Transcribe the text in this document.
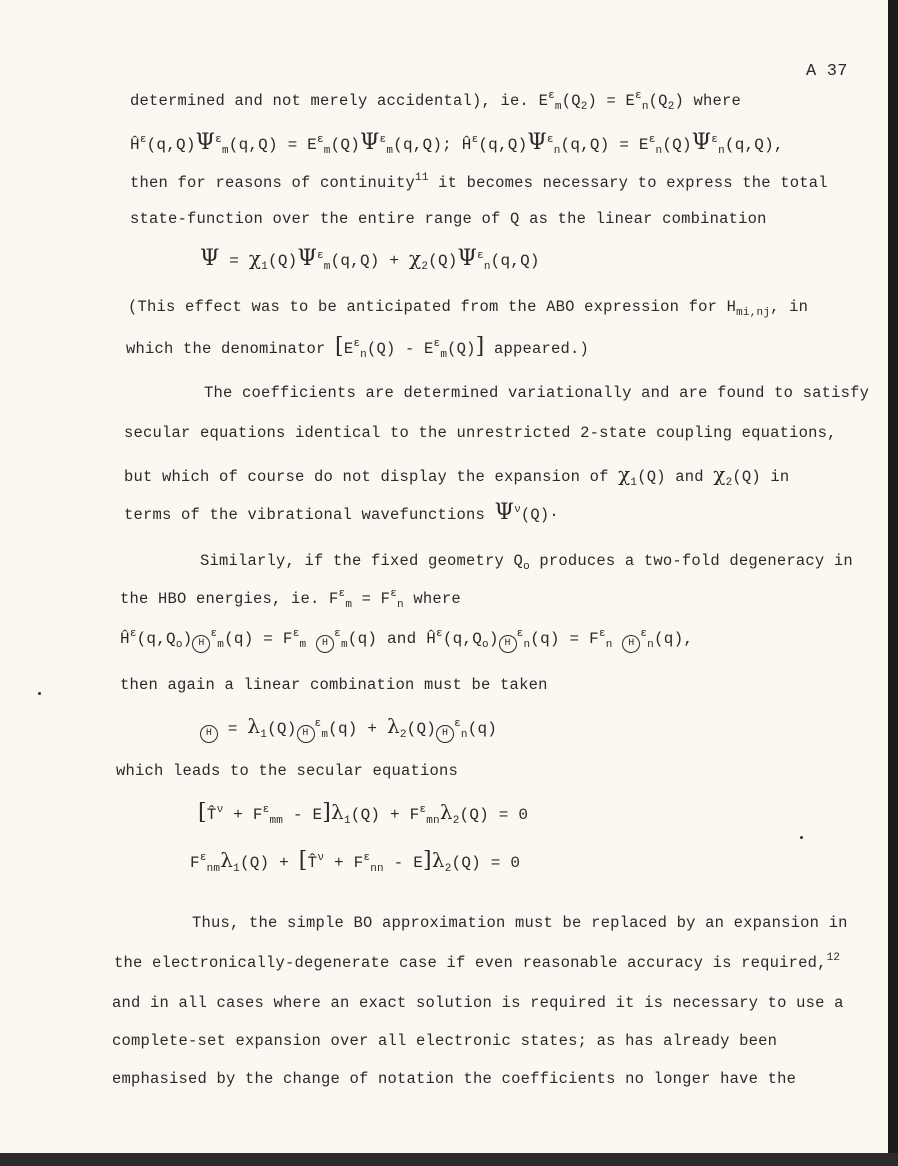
A 37
determined and not merely accidental), ie. $E^\varepsilon_m(Q_2) = E^\varepsilon_n(Q_2)$ where
$Ĥ^\varepsilon(q,Q)\Psi^\varepsilon_m(q,Q) = E^\varepsilon_m(Q)\Psi^\varepsilon_m(q,Q)$; $Ĥ^\varepsilon(q,Q)\Psi^\varepsilon_n(q,Q) = E^\varepsilon_n(Q)\Psi^\varepsilon_n(q,Q)$,
then for reasons of continuity$^{11}$ it becomes necessary to express the total
state-function over the entire range of Q as the linear combination
$\Psi = \chi_1(Q)\Psi^\varepsilon_m(q,Q) + \chi_2(Q)\Psi^\varepsilon_n(q,Q)$
(This effect was to be anticipated from the ABO expression for $H_{mi,nj}$, in
which the denominator $[E^\varepsilon_n(Q) - E^\varepsilon_m(Q)]$ appeared.)
The coefficients are determined variationally and are found to satisfy
secular equations identical to the unrestricted 2-state coupling equations,
but which of course do not display the expansion of $\chi_1(Q)$ and $\chi_2(Q)$ in
terms of the vibrational wavefunctions $\Psi^\nu(Q)\cdot$
Similarly, if the fixed geometry $Q_o$ produces a two-fold degeneracy in
the HBO energies, ie. $F^\varepsilon_m = F^\varepsilon_n$ where
$Ĥ^\varepsilon(q,Q_o) H^\varepsilon_m(q) = F^\varepsilon_m$ $H^\varepsilon_m(q)$ and $Ĥ^\varepsilon(q,Q_o) H^\varepsilon_n(q) = F^\varepsilon_n$ $H^\varepsilon_n(q)$,
then again a linear combination must be taken
$H = \lambda_1(Q) H^\varepsilon_m(q) + \lambda_2(Q)$ $H^\varepsilon_n(q)$
which leads to the secular equations
[T̂$^\nu$ + $F^\varepsilon_{mm} - E]\lambda_1(Q) + F^\varepsilon_{mn}\lambda_2(Q) = 0$
$F^\varepsilon_{nm}\lambda_1(Q)$ + [T̂$^\nu$ + $F^\varepsilon_{nn} - E]\lambda_2(Q) = 0$
Thus, the simple BO approximation must be replaced by an expansion in
the electronically-degenerate case if even reasonable accuracy is required,$^{12}$
and in all cases where an exact solution is required it is necessary to use a
complete-set expansion over all electronic states; as has already been
emphasised by the change of notation the coefficients no longer have the
